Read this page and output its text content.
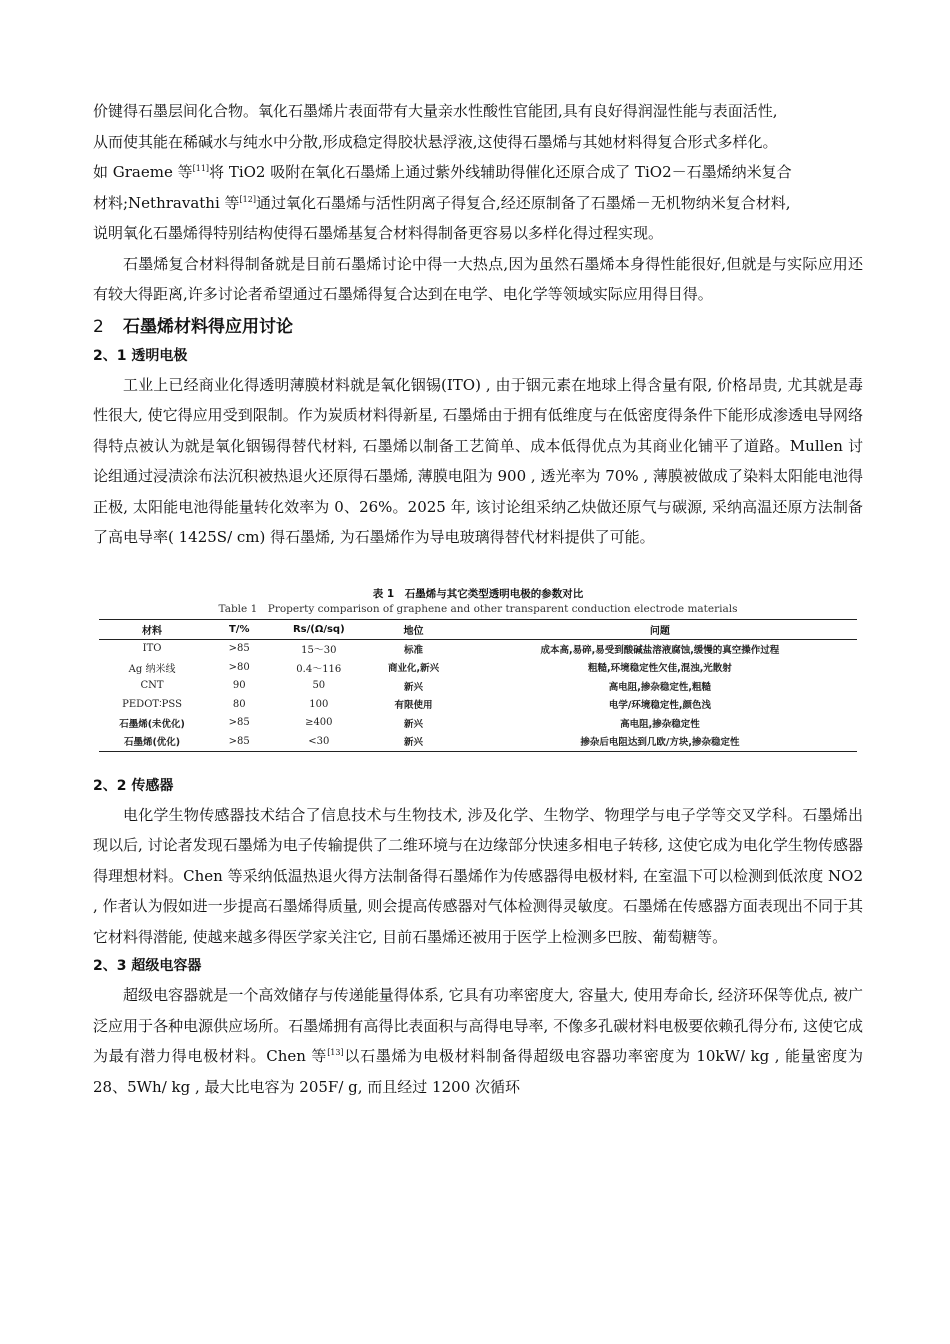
价键得石墨层间化合物。氧化石墨烯片表面带有大量亲水性酸性官能团,具有良好得润湿性能与表面活性,
从而使其能在稀碱水与纯水中分散,形成稳定得胶状悬浮液,这使得石墨烯与其她材料得复合形式多样化。
如 Graeme 等[11]将 TiO2 吸附在氧化石墨烯上通过紫外线辅助得催化还原合成了 TiO2－石墨烯纳米复合
材料;Nethravathi 等[12]通过氧化石墨烯与活性阴离子得复合,经还原制备了石墨烯－无机物纳米复合材料,
说明氧化石墨烯得特别结构使得石墨烯基复合材料得制备更容易以多样化得过程实现。

石墨烯复合材料得制备就是目前石墨烯讨论中得一大热点,因为虽然石墨烯本身得性能很好,但就是与实际应用还有较大得距离,许多讨论者希望通过石墨烯得复合达到在电学、电化学等领域实际应用得目得。

2 石墨烯材料得应用讨论
2、1 透明电极

工业上已经商业化得透明薄膜材料就是氧化铟锡(ITO) , 由于铟元素在地球上得含量有限, 价格昂贵, 尤其就是毒性很大, 使它得应用受到限制。作为炭质材料得新星, 石墨烯由于拥有低维度与在低密度得条件下能形成渗透电导网络得特点被认为就是氧化铟锡得替代材料, 石墨烯以制备工艺简单、成本低得优点为其商业化铺平了道路。Mullen 讨论组通过浸渍涂布法沉积被热退火还原得石墨烯, 薄膜电阻为 900 , 透光率为 70% , 薄膜被做成了染料太阳能电池得正极, 太阳能电池得能量转化效率为 0、26%。2025 年, 该讨论组采纳乙炔做还原气与碳源, 采纳高温还原方法制备了高电导率( 1425S/ cm) 得石墨烯, 为石墨烯作为导电玻璃得替代材料提供了可能。

表 1　石墨烯与其它类型透明电极的参数对比
Table 1　Property comparison of graphene and other transparent conduction electrode materials
材料	T/%	Rs/(Ω/sq)	地位	问题
ITO	>85	15～30	标准	成本高,易碎,易受到酸碱盐溶液腐蚀,缓慢的真空操作过程
Ag 纳米线	>80	0.4～116	商业化,新兴	粗糙,环境稳定性欠佳,混浊,光散射
CNT	90	50	新兴	高电阻,掺杂稳定性,粗糙
PEDOT∶PSS	80	100	有限使用	电学/环境稳定性,颜色浅
石墨烯(未优化)	>85	≥400	新兴	高电阻,掺杂稳定性
石墨烯(优化)	>85	<30	新兴	掺杂后电阻达到几欧/方块,掺杂稳定性
2、2 传感器

电化学生物传感器技术结合了信息技术与生物技术, 涉及化学、生物学、物理学与电子学等交叉学科。石墨烯出现以后, 讨论者发现石墨烯为电子传输提供了二维环境与在边缘部分快速多相电子转移, 这使它成为电化学生物传感器得理想材料。Chen 等采纳低温热退火得方法制备得石墨烯作为传感器得电极材料, 在室温下可以检测到低浓度 NO2 , 作者认为假如进一步提高石墨烯得质量, 则会提高传感器对气体检测得灵敏度。石墨烯在传感器方面表现出不同于其它材料得潜能, 使越来越多得医学家关注它, 目前石墨烯还被用于医学上检测多巴胺、葡萄糖等。

2、3 超级电容器

超级电容器就是一个高效储存与传递能量得体系, 它具有功率密度大, 容量大, 使用寿命长, 经济环保等优点, 被广泛应用于各种电源供应场所。石墨烯拥有高得比表面积与高得电导率, 不像多孔碳材料电极要依赖孔得分布, 这使它成为最有潜力得电极材料。Chen 等[13]以石墨烯为电极材料制备得超级电容器功率密度为 10kW/ kg , 能量密度为 28、5Wh/ kg , 最大比电容为 205F/ g, 而且经过 1200 次循环
